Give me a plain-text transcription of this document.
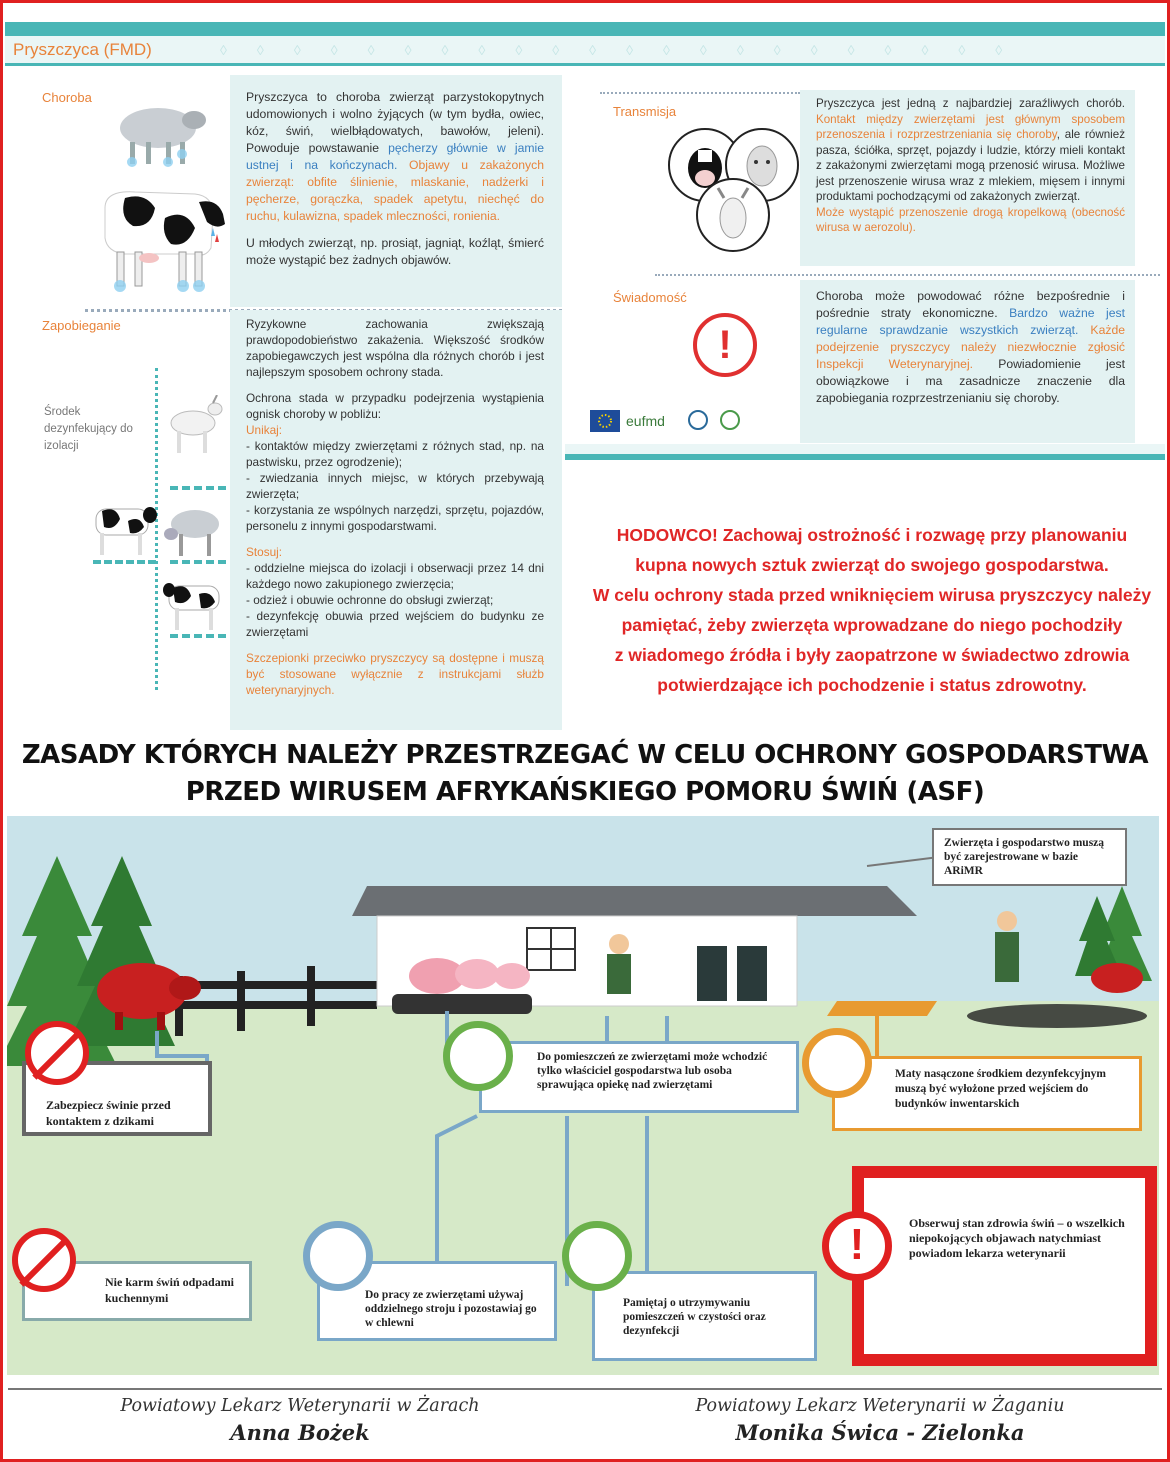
Pryszczyca (FMD)	◊◊◊◊◊◊◊◊◊◊◊◊◊◊◊◊◊◊◊◊◊◊
Choroba	Pryszczyca to choroba zwierząt parzystokopytnych udomowionych i wolno żyjących (w tym bydła, owiec, kóz, świń, wielbłądowatych, bawołów, jeleni). Powoduje powstawanie pęcherzy głównie w jamie ustnej i na kończynach. Objawy u zakażonych zwierząt: obfite ślinienie, mlaskanie, nadżerki i pęcherze, gorączka, spadek apetytu, niechęć do ruchu, kulawizna, spadek mleczności, ronienia.

U młodych zwierząt, np. prosiąt, jagniąt, koźląt, śmierć może wystąpić bez żadnych objawów.

Zapobieganie
Środek dezynfekujący do izolacji

Ryzykowne zachowania zwiększają prawdopodobieństwo zakażenia. Większość środków zapobiegawczych jest wspólna dla różnych chorób i jest najlepszym sposobem ochrony stada.

Ochrona stada w przypadku podejrzenia wystąpienia ognisk choroby w pobliżu:
Unikaj:
- kontaktów między zwierzętami z różnych stad, np. na pastwisku, przez ogrodzenie);
- zwiedzania innych miejsc, w których przebywają zwierzęta;

- korzystania ze wspólnych narzędzi, sprzętu, pojazdów, personelu z innymi gospodarstwami.

Stosuj:
- oddzielne miejsca do izolacji i obserwacji przez 14 dni każdego nowo zakupionego zwierzęcia;
- odzież i obuwie ochronne do obsługi zwierząt;

- dezynfekcję obuwia przed wejściem do budynku ze zwierzętami

Szczepionki przeciwko pryszczycy są dostępne i muszą być stosowane wyłącznie z instrukcjami służb weterynaryjnych.

Transmisja
Pryszczyca jest jedną z najbardziej zaraźliwych chorób. Kontakt między zwierzętami jest głównym sposobem przenoszenia i rozprzestrzeniania się choroby, ale również pasza, ściółka, sprzęt, pojazdy i ludzie, którzy mieli kontakt z zakażonymi zwierzętami mogą przenosić wirusa. Możliwe jest przenoszenie wirusa wraz z mlekiem, mięsem i innymi produktami pochodzącymi od zakażonych zwierząt.
Może wystąpić przenoszenie drogą kropelkową (obecność wirusa w aerozolu).
Świadomość
!
eufmd
Choroba może powodować różne bezpośrednie i pośrednie straty ekonomiczne. Bardzo ważne jest regularne sprawdzanie wszystkich zwierząt. Każde podejrzenie pryszczycy należy niezwłocznie zgłosić Inspekcji Weterynaryjnej. Powiadomienie jest obowiązkowe i ma zasadnicze znaczenie dla zapobiegania rozprzestrzenianiu się choroby.
HODOWCO! Zachowaj ostrożność i rozwagę przy planowaniu
kupna nowych sztuk zwierząt do swojego gospodarstwa.
W celu ochrony stada przed wniknięciem wirusa pryszczycy należy
pamiętać, żeby zwierzęta wprowadzane do niego pochodziły
z wiadomego źródła i były zaopatrzone w świadectwo zdrowia
potwierdzające ich pochodzenie i status zdrowotny.
ZASADY KTÓRYCH NALEŻY PRZESTRZEGAĆ W CELU OCHRONY GOSPODARSTWA
PRZED WIRUSEM AFRYKAŃSKIEGO POMORU ŚWIŃ (ASF)
Zwierzęta i gospodarstwo muszą być zarejestrowane w bazie ARiMR
Zabezpiecz świnie przed kontaktem z dzikami
Do pomieszczeń ze zwierzętami może wchodzić tylko właściciel gospodarstwa lub osoba sprawująca opiekę nad zwierzętami
Maty nasączone środkiem dezynfekcyjnym muszą być wyłożone przed wejściem do budynków inwentarskich
Nie karm świń odpadami kuchennymi	Do pracy ze zwierzętami używaj oddzielnego stroju i pozostawiaj go w chlewni
Pamiętaj o utrzymywaniu pomieszczeń w czystości oraz dezynfekcji
Obserwuj stan zdrowia świń – o wszelkich niepokojących objawach natychmiast powiadom lekarza weterynarii
!
Powiatowy Lekarz Weterynarii w Żarach
Anna Bożek
Powiatowy Lekarz Weterynarii w Żaganiu
Monika Świca - Zielonka
